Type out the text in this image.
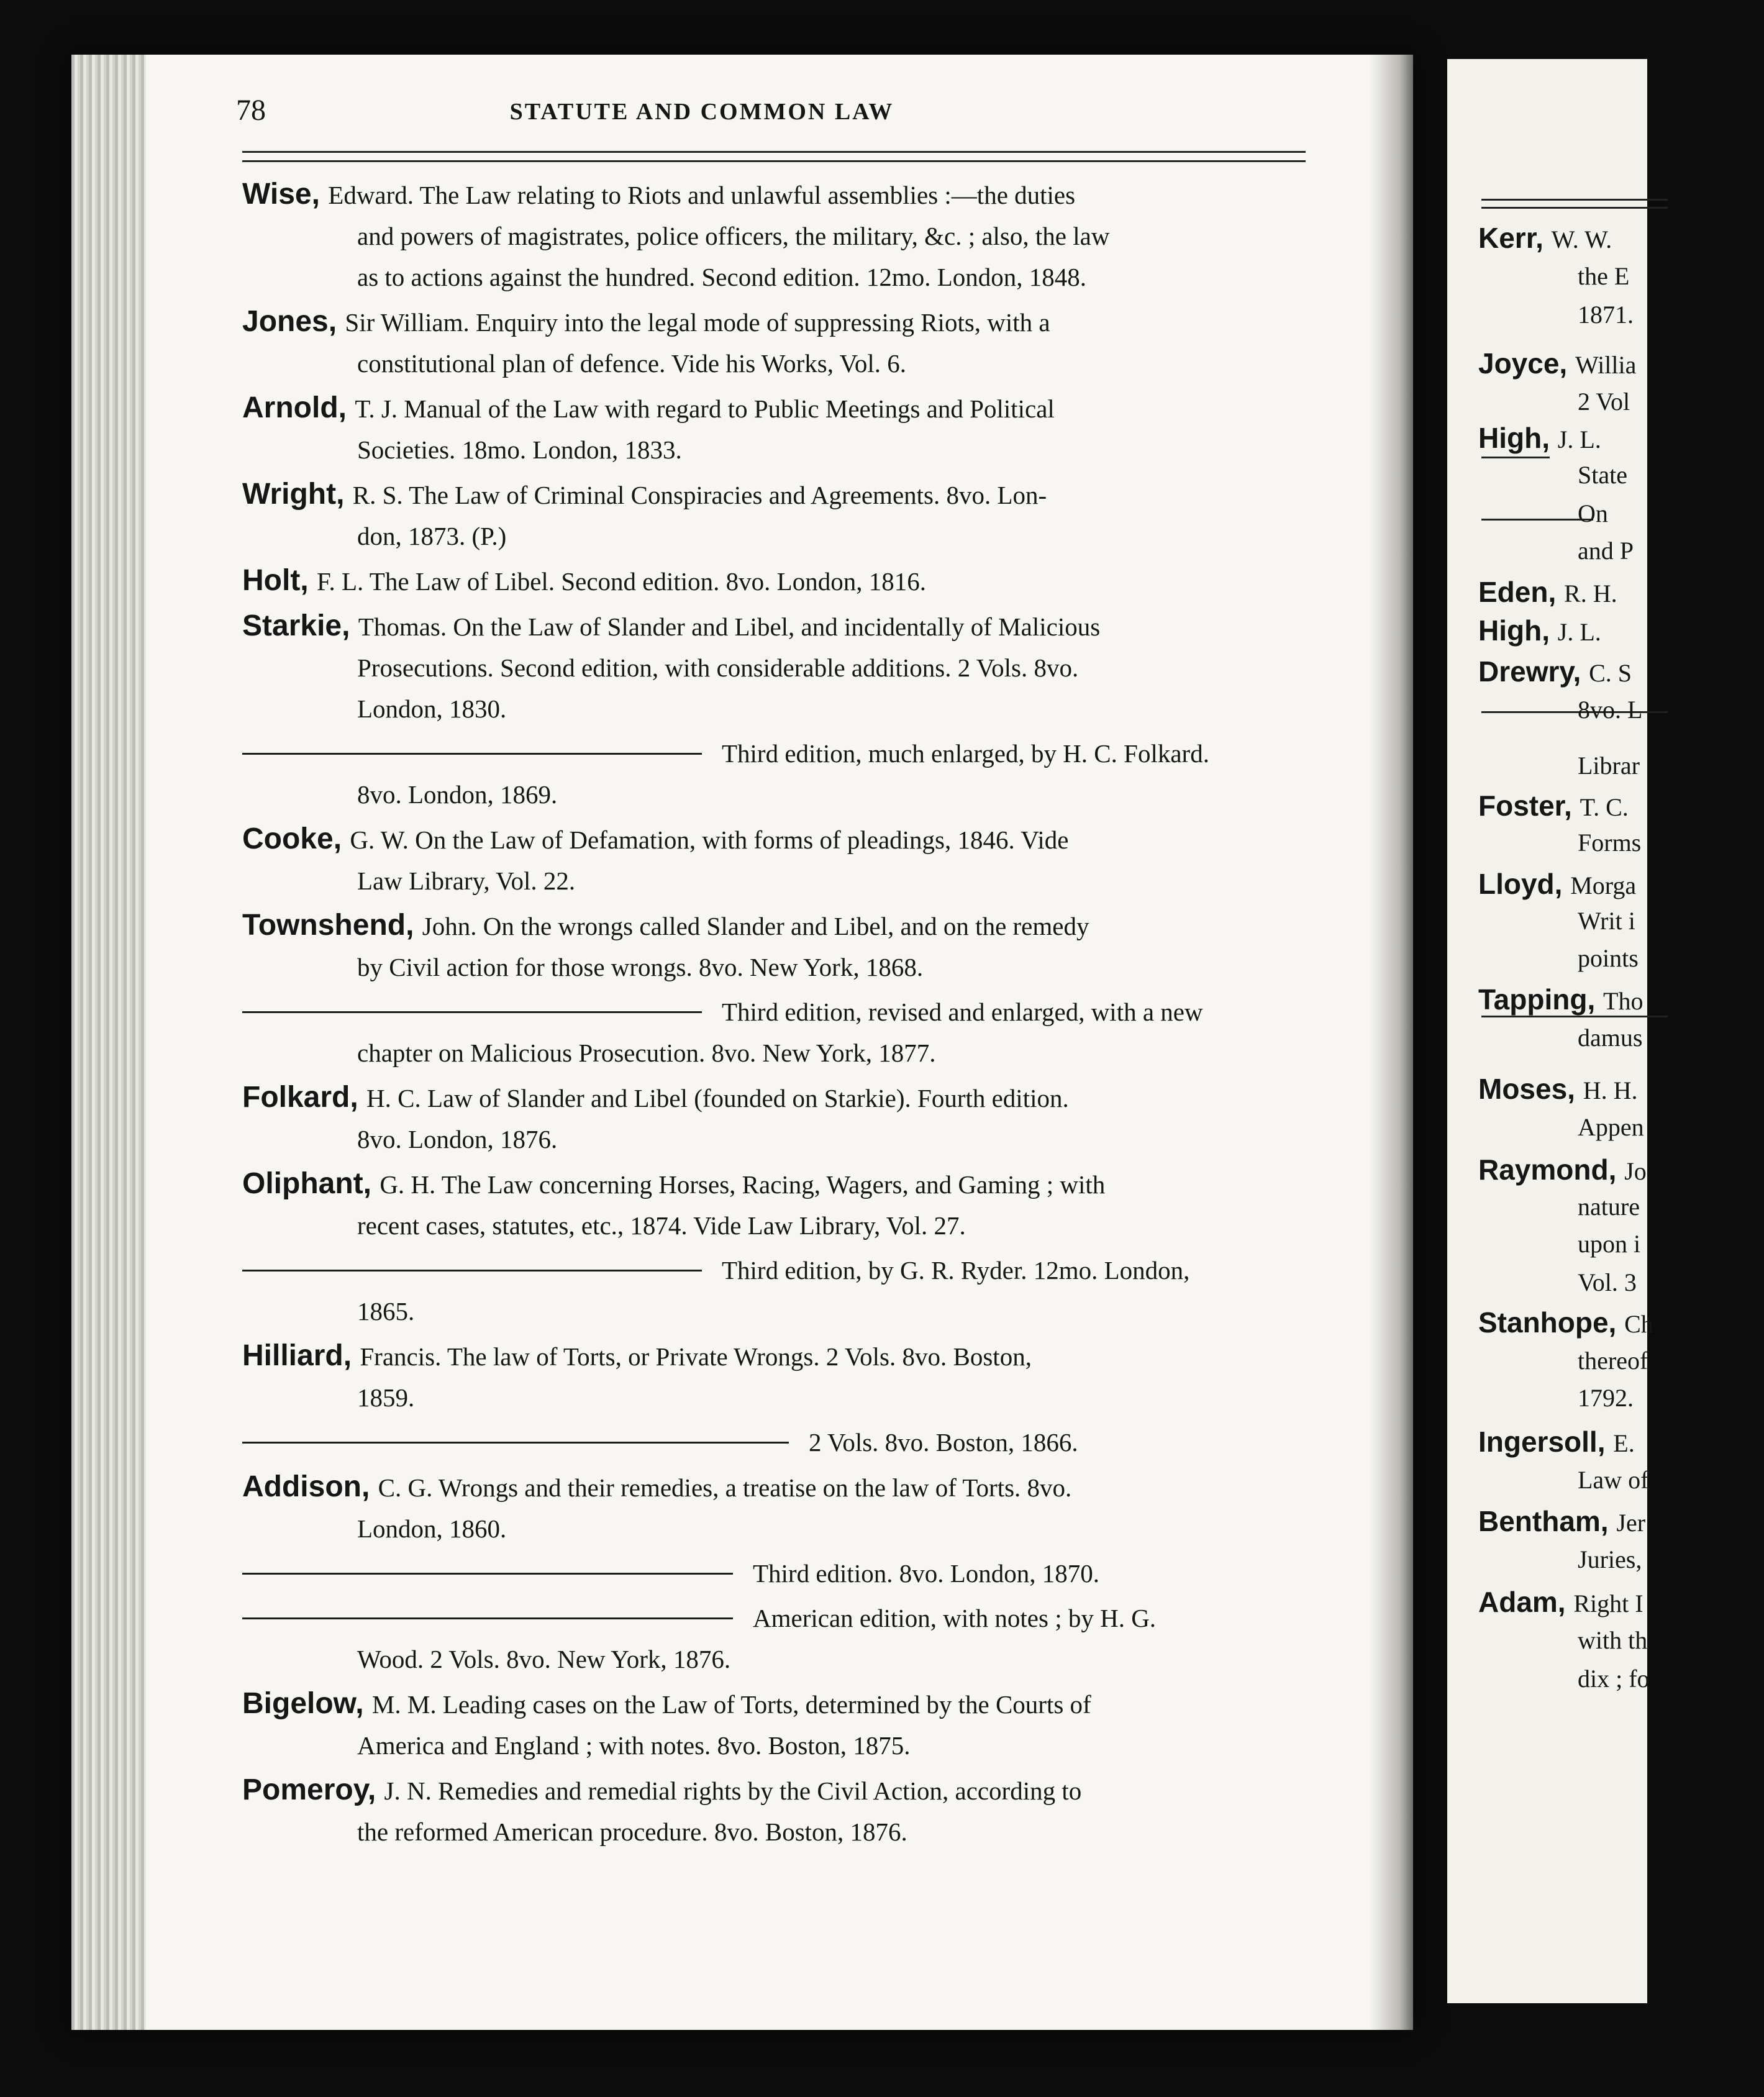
78	STATUTE AND COMMON LAW
Wise, Edward. The Law relating to Riots and unlawful assemblies :—the duties
and powers of magistrates, police officers, the military, &c. ; also, the law
as to actions against the hundred. Second edition. 12mo. London, 1848.
Jones, Sir William. Enquiry into the legal mode of suppressing Riots, with a
constitutional plan of defence. Vide his Works, Vol. 6.
Arnold, T. J. Manual of the Law with regard to Public Meetings and Political
Societies. 18mo. London, 1833.
Wright, R. S. The Law of Criminal Conspiracies and Agreements. 8vo. Lon-
don, 1873. (P.)
Holt, F. L. The Law of Libel. Second edition. 8vo. London, 1816.
Starkie, Thomas. On the Law of Slander and Libel, and incidentally of Malicious
Prosecutions. Second edition, with considerable additions. 2 Vols. 8vo.
London, 1830.
Third edition, much enlarged, by H. C. Folkard.
8vo. London, 1869.
Cooke, G. W. On the Law of Defamation, with forms of pleadings, 1846. Vide
Law Library, Vol. 22.
Townshend, John. On the wrongs called Slander and Libel, and on the remedy
by Civil action for those wrongs. 8vo. New York, 1868.
Third edition, revised and enlarged, with a new
chapter on Malicious Prosecution. 8vo. New York, 1877.
Folkard, H. C. Law of Slander and Libel (founded on Starkie). Fourth edition.
8vo. London, 1876.
Oliphant, G. H. The Law concerning Horses, Racing, Wagers, and Gaming ; with
recent cases, statutes, etc., 1874. Vide Law Library, Vol. 27.
Third edition, by G. R. Ryder. 12mo. London,
1865.
Hilliard, Francis. The law of Torts, or Private Wrongs. 2 Vols. 8vo. Boston,
1859.
2 Vols. 8vo. Boston, 1866.
Addison, C. G. Wrongs and their remedies, a treatise on the law of Torts. 8vo.
London, 1860.
Third edition. 8vo. London, 1870.
American edition, with notes ; by H. G.
Wood. 2 Vols. 8vo. New York, 1876.
Bigelow, M. M. Leading cases on the Law of Torts, determined by the Courts of
America and England ; with notes. 8vo. Boston, 1875.
Pomeroy, J. N. Remedies and remedial rights by the Civil Action, according to
the reformed American procedure. 8vo. Boston, 1876.
Kerr, W. W.
the E
1871.
Joyce, Willia
2 Vol
High, J. L.
State
On
and P
Eden, R. H.
High, J. L.
Drewry, C. S
8vo. L
Librar
Foster, T. C.
Forms
Lloyd, Morga
Writ i
points
Tapping, Tho
damus
Moses, H. H.
Appen
Raymond, Jo
nature
upon i
Vol. 3
Stanhope, Ch
thereof
1792.
Ingersoll, E.
Law of
Bentham, Jer
Juries,
Adam, Right I
with th
dix ; fo
